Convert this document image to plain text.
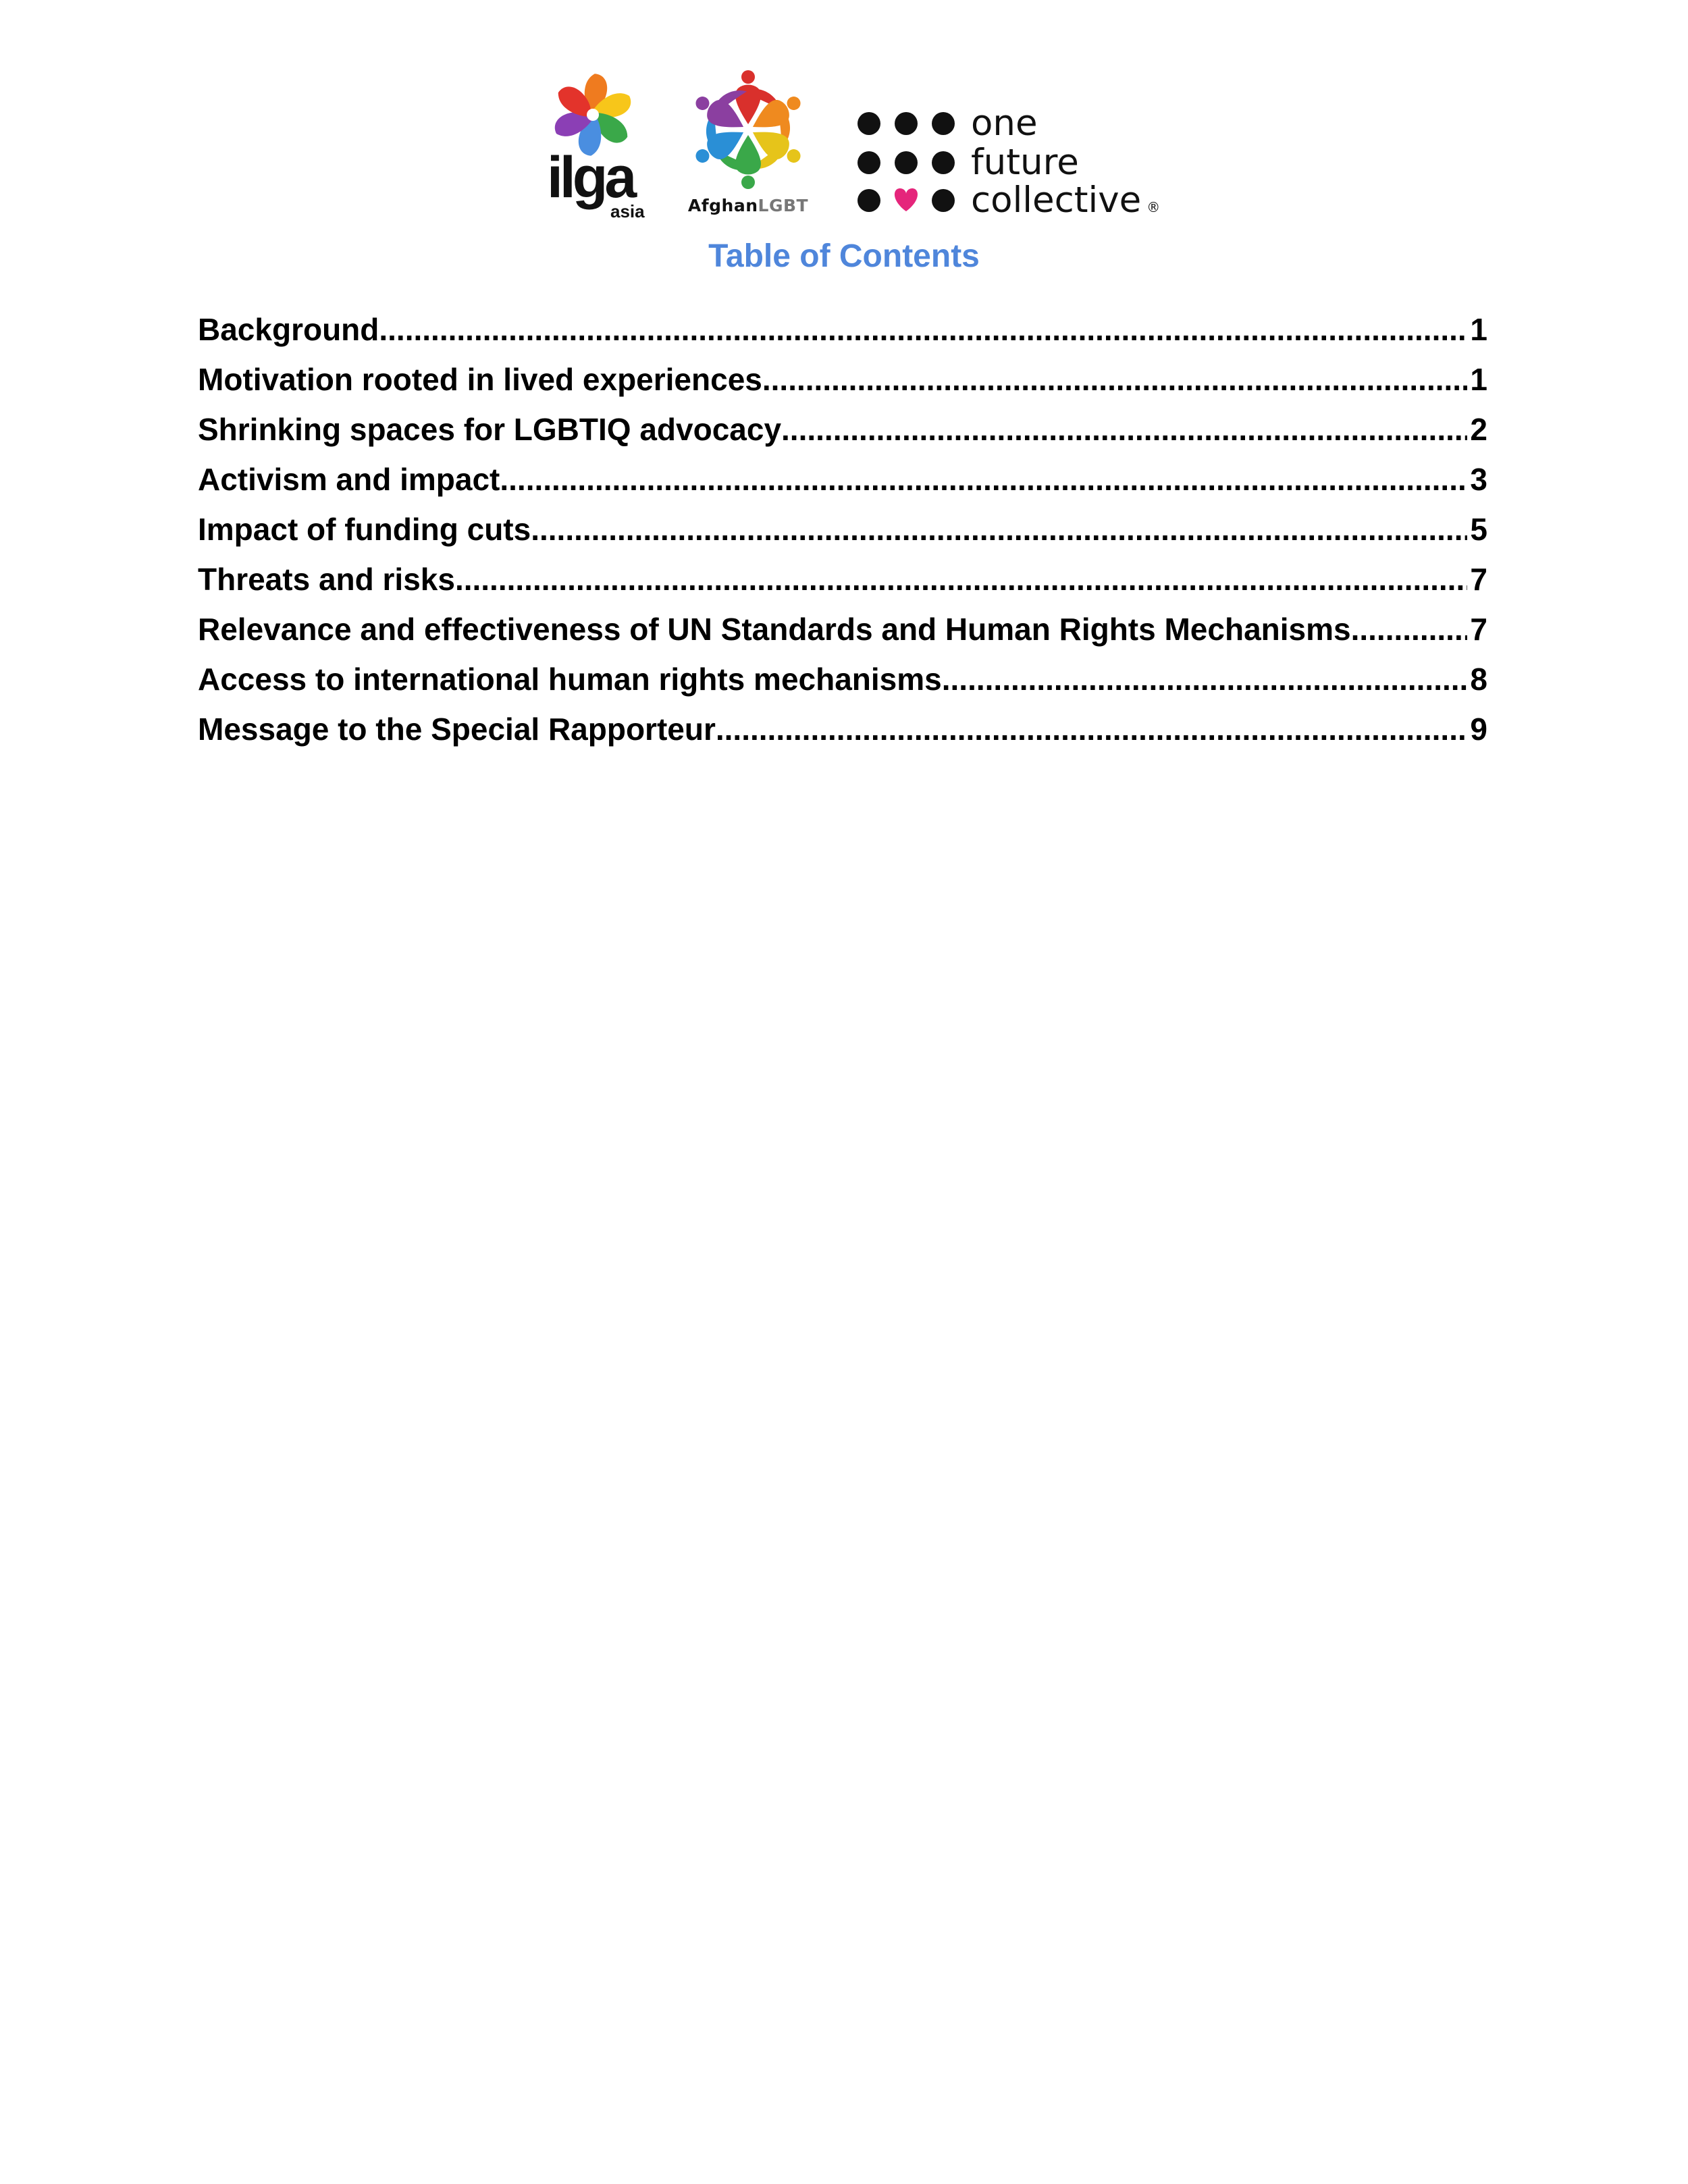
ilga
asia	AfghanLGBT
one
future
collective ®
Table of Contents
Background .....	1
Motivation rooted in lived experiences .....	1
Shrinking spaces for LGBTIQ advocacy .....	2
Activism and impact .....	3
Impact of funding cuts .....	5
Threats and risks .....	7
Relevance and effectiveness of UN Standards and Human Rights Mechanisms .....	7
Access to international human rights mechanisms .....	8
Message to the Special Rapporteur .....	9
